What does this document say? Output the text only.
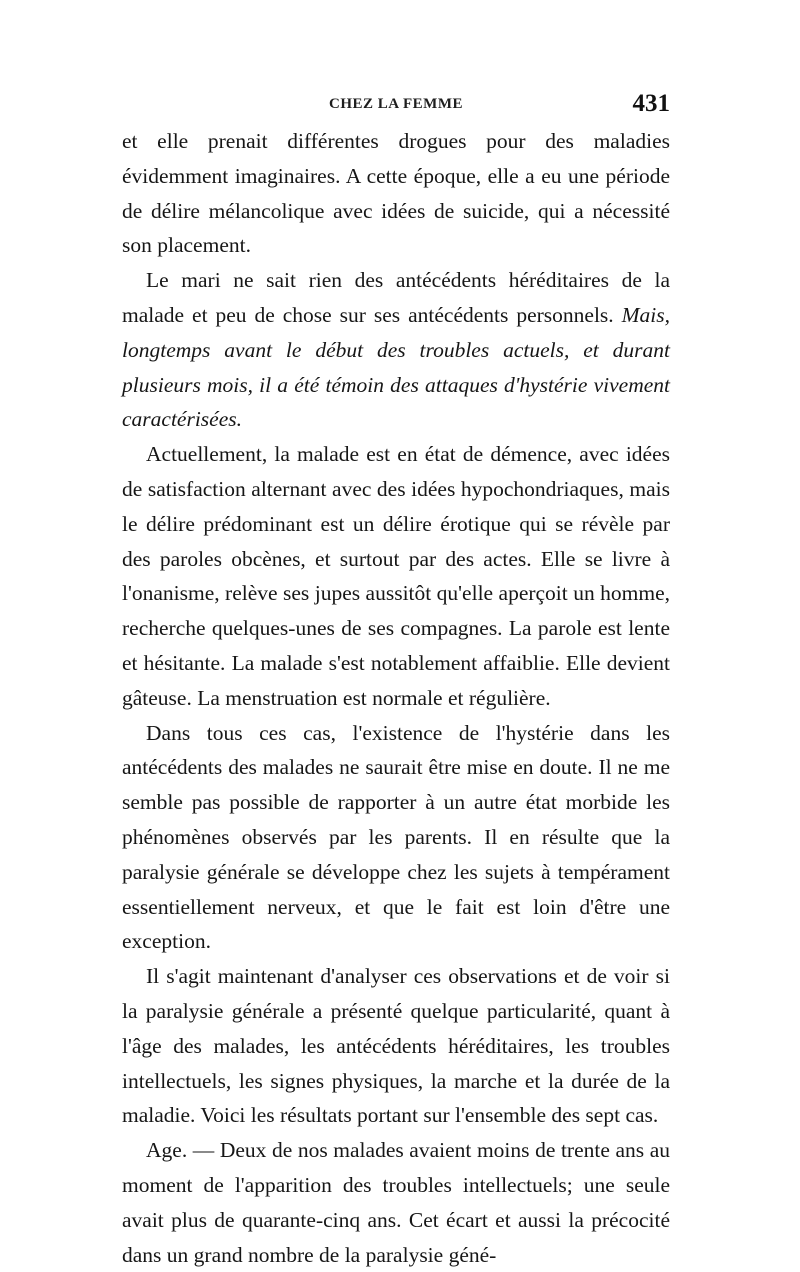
CHEZ LA FEMME	431

et elle prenait différentes drogues pour des maladies évidemment imaginaires. A cette époque, elle a eu une période de délire mélancolique avec idées de suicide, qui a nécessité son placement.

Le mari ne sait rien des antécédents héréditaires de la malade et peu de chose sur ses antécédents personnels. Mais, longtemps avant le début des troubles actuels, et durant plusieurs mois, il a été témoin des attaques d'hystérie vivement caractérisées.

Actuellement, la malade est en état de démence, avec idées de satisfaction alternant avec des idées hypochondriaques, mais le délire prédominant est un délire érotique qui se révèle par des paroles obcènes, et surtout par des actes. Elle se livre à l'onanisme, relève ses jupes aussitôt qu'elle aperçoit un homme, recherche quelques-unes de ses compagnes. La parole est lente et hésitante. La malade s'est notablement affaiblie. Elle devient gâteuse. La menstruation est normale et régulière.

Dans tous ces cas, l'existence de l'hystérie dans les antécédents des malades ne saurait être mise en doute. Il ne me semble pas possible de rapporter à un autre état morbide les phénomènes observés par les parents. Il en résulte que la paralysie générale se développe chez les sujets à tempérament essentiellement nerveux, et que le fait est loin d'être une exception.

Il s'agit maintenant d'analyser ces observations et de voir si la paralysie générale a présenté quelque particularité, quant à l'âge des malades, les antécédents héréditaires, les troubles intellectuels, les signes physiques, la marche et la durée de la maladie. Voici les résultats portant sur l'ensemble des sept cas.

Age. — Deux de nos malades avaient moins de trente ans au moment de l'apparition des troubles intellectuels; une seule avait plus de quarante-cinq ans. Cet écart et aussi la précocité dans un grand nombre de la paralysie géné-
